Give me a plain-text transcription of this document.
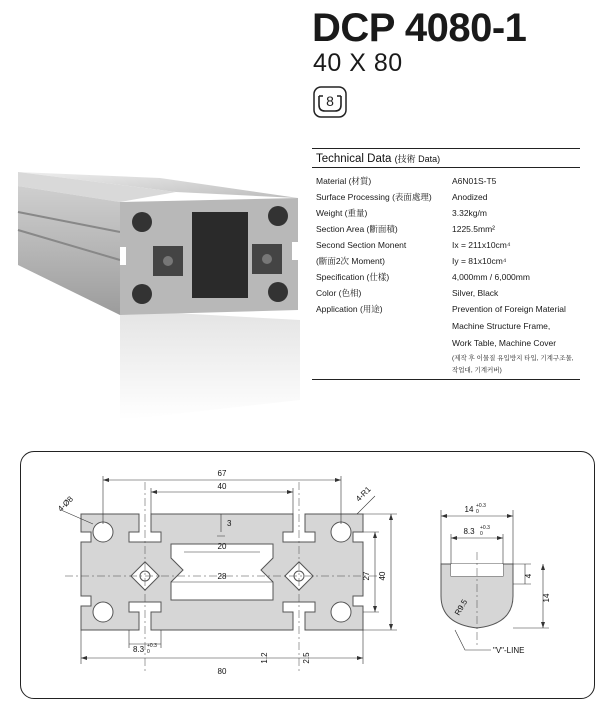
DCP 4080-1
40 X 80
8
Technical Data (技術 Data)
Material (材質)	A6N01S-T5
Surface Processing (表面處理)	Anodized
Weight (重量)	3.32kg/m
Section Area (斷面積)	1225.5mm²
Second Section Monent	Ix = 211x10cm⁴
(斷面2次 Moment)	Iy = 81x10cm⁴
Specification (仕樣)	4,000mm / 6,000mm
Color (色相)	Silver, Black
Application (用途)	Prevention of Foreign Material
Machine Structure Frame,
Work Table, Machine Cover
(제작 후 이물질 유입방지 타입, 기계구조물,
작업대, 기계커버)
67
40
3
20
28
80
27 40
8.3 +0.3
0
1.2	2.5
4-Ø8
4-R1
14 +0.3
0
8.3 +0.3
0
4
14
R9.5
"V"-LINE
